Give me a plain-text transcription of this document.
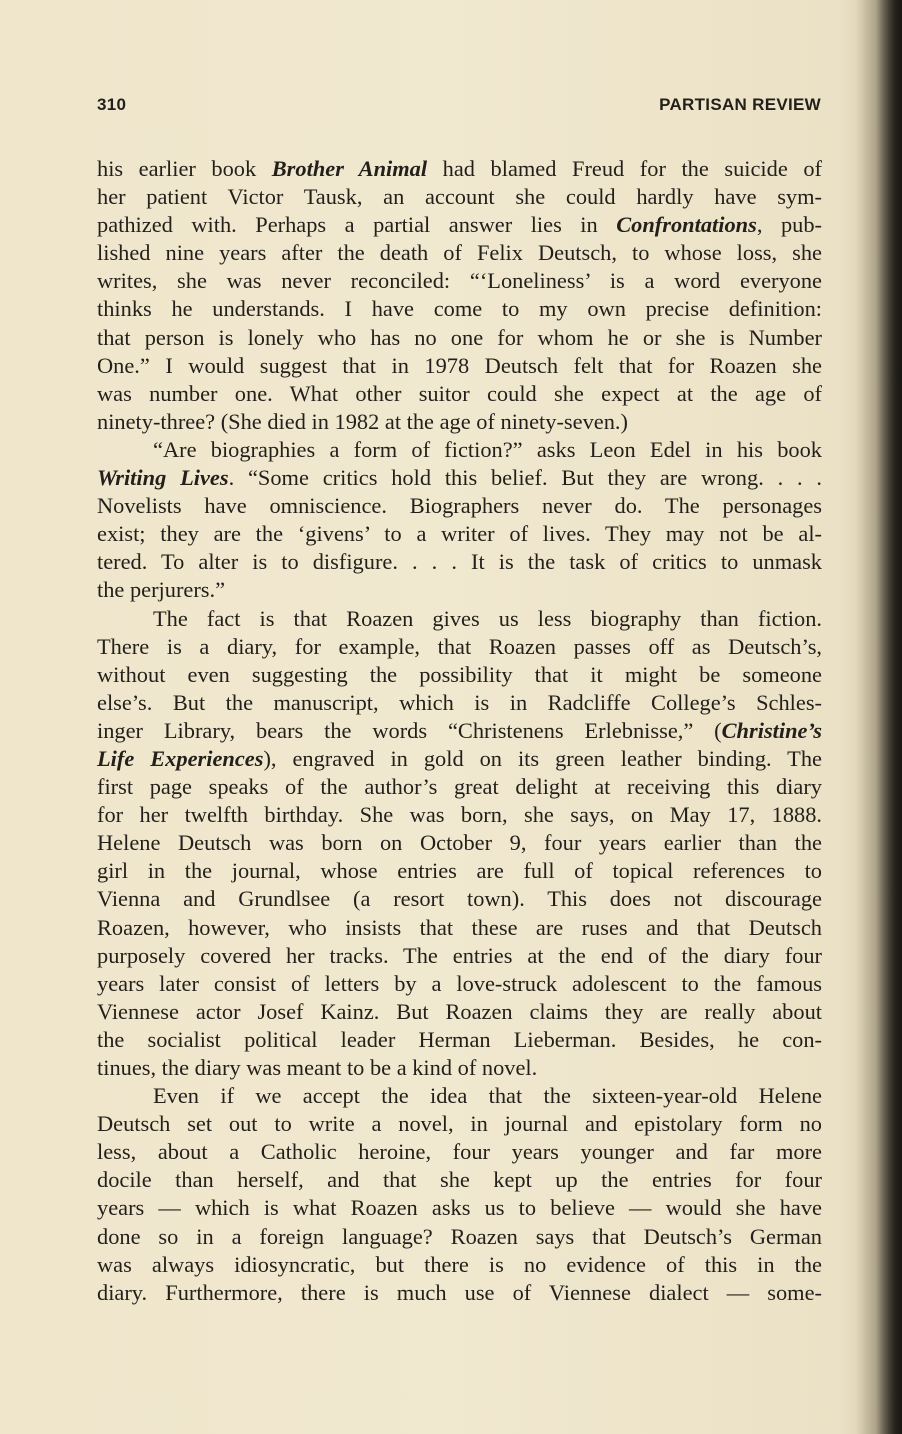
310	PARTISAN REVIEW
his earlier book Brother Animal had blamed Freud for the suicide of
her patient Victor Tausk, an account she could hardly have sym-
pathized with. Perhaps a partial answer lies in Confrontations, pub-
lished nine years after the death of Felix Deutsch, to whose loss, she
writes, she was never reconciled: “‘Loneliness’ is a word everyone
thinks he understands. I have come to my own precise definition:
that person is lonely who has no one for whom he or she is Number
One.” I would suggest that in 1978 Deutsch felt that for Roazen she
was number one. What other suitor could she expect at the age of
ninety-three? (She died in 1982 at the age of ninety-seven.)
“Are biographies a form of fiction?” asks Leon Edel in his book
Writing Lives. “Some critics hold this belief. But they are wrong. . . .
Novelists have omniscience. Biographers never do. The personages
exist; they are the ‘givens’ to a writer of lives. They may not be al-
tered. To alter is to disfigure. . . . It is the task of critics to unmask
the perjurers.”
The fact is that Roazen gives us less biography than fiction.
There is a diary, for example, that Roazen passes off as Deutsch’s,
without even suggesting the possibility that it might be someone
else’s. But the manuscript, which is in Radcliffe College’s Schles-
inger Library, bears the words “Christenens Erlebnisse,” (Christine’s
Life Experiences), engraved in gold on its green leather binding. The
first page speaks of the author’s great delight at receiving this diary
for her twelfth birthday. She was born, she says, on May 17, 1888.
Helene Deutsch was born on October 9, four years earlier than the
girl in the journal, whose entries are full of topical references to
Vienna and Grundlsee (a resort town). This does not discourage
Roazen, however, who insists that these are ruses and that Deutsch
purposely covered her tracks. The entries at the end of the diary four
years later consist of letters by a love-struck adolescent to the famous
Viennese actor Josef Kainz. But Roazen claims they are really about
the socialist political leader Herman Lieberman. Besides, he con-
tinues, the diary was meant to be a kind of novel.
Even if we accept the idea that the sixteen-year-old Helene
Deutsch set out to write a novel, in journal and epistolary form no
less, about a Catholic heroine, four years younger and far more
docile than herself, and that she kept up the entries for four
years — which is what Roazen asks us to believe — would she have
done so in a foreign language? Roazen says that Deutsch’s German
was always idiosyncratic, but there is no evidence of this in the
diary. Furthermore, there is much use of Viennese dialect — some-
